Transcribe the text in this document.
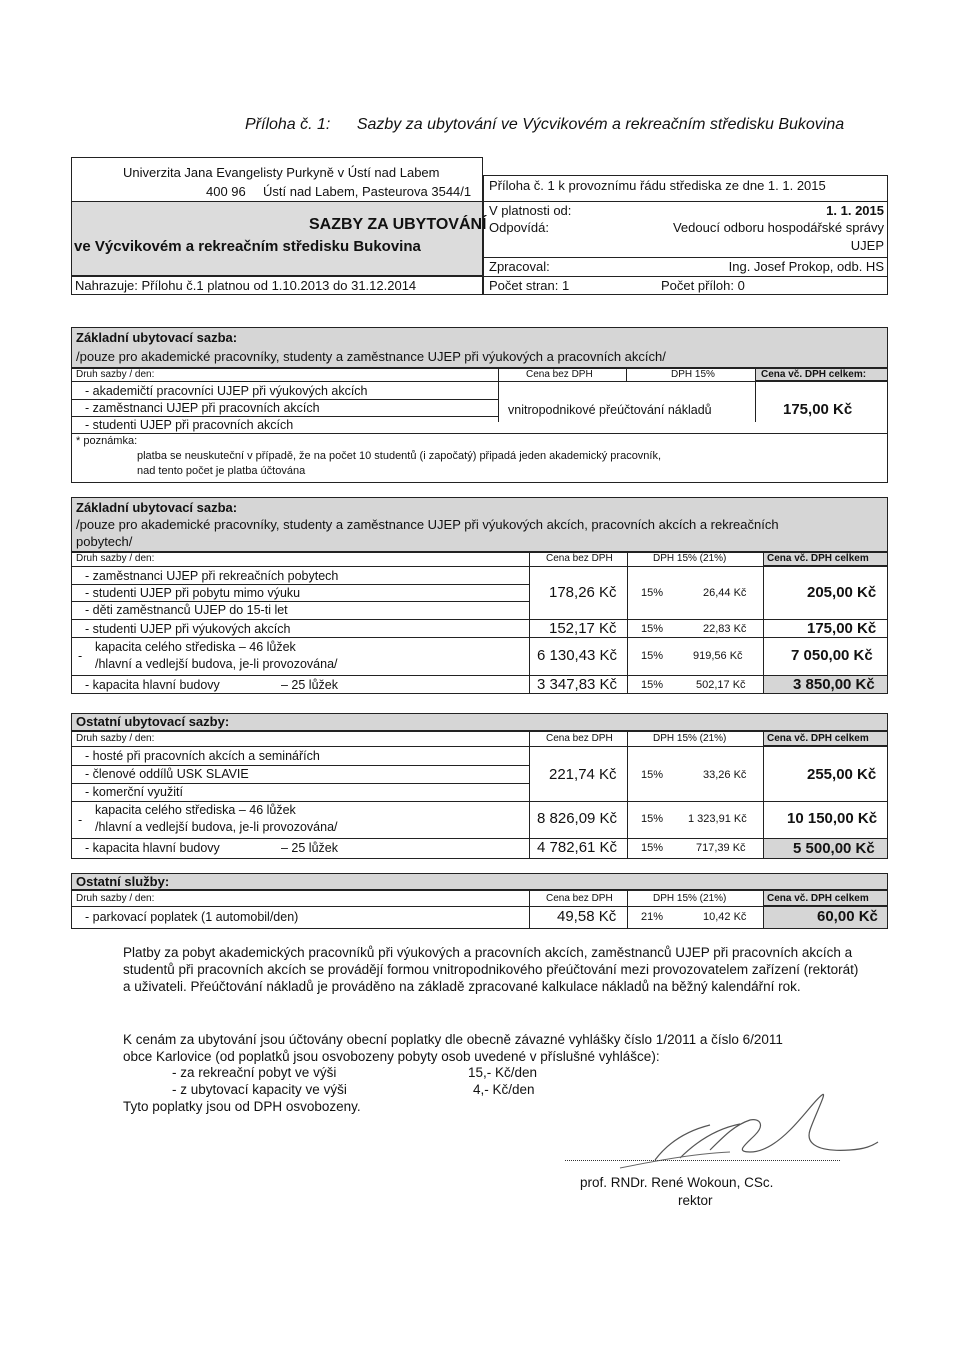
Příloha č. 1: Sazby za ubytování ve Výcvikovém a rekreačním středisku Bukovina
Univerzita Jana Evangelisty Purkyně v Ústí nad Labem
400 96 Ústí nad Labem, Pasteurova 3544/1
SAZBY ZA UBYTOVÁNÍ
ve Výcvikovém a rekreačním středisku Bukovina
Nahrazuje: Přílohu č.1 platnou od 1.10.2013 do 31.12.2014
Příloha č. 1 k provoznímu řádu střediska ze dne 1. 1. 2015
V platnosti od:	1. 1. 2015
Odpovídá:	Vedoucí odboru hospodářské správy
UJEP
Zpracoval:	Ing. Josef Prokop, odb. HS
Počet stran: 1	Počet příloh: 0
Základní ubytovací sazba:
/pouze pro akademické pracovníky, studenty a zaměstnance UJEP při výukových a pracovních akcích/
Druh sazby / den:	Cena bez DPH	DPH 15%	Cena vč. DPH celkem:
- akademičtí pracovníci UJEP při výukových akcích
- zaměstnanci UJEP při pracovních akcích
- studenti UJEP při pracovních akcích
vnitropodnikové přeúčtování nákladů	175,00 Kč
* poznámka:
platba se neuskuteční v případě, že na počet 10 studentů (i započatý) připadá jeden akademický pracovník,
nad tento počet je platba účtována
Základní ubytovací sazba:
/pouze pro akademické pracovníky, studenty a zaměstnance UJEP při výukových akcích, pracovních akcích a rekreačních
pobytech/
Druh sazby / den:	Cena bez DPH	DPH 15% (21%)	Cena vč. DPH celkem
- zaměstnanci UJEP při rekreačních pobytech
- studenti UJEP při pobytu mimo výuku
- děti zaměstnanců UJEP do 15-ti let
178,26 Kč 15%	26,44 Kč	205,00 Kč
- studenti UJEP při výukových akcích	152,17 Kč 15%	22,83 Kč	175,00 Kč
-
kapacita celého střediska – 46 lůžek
/hlavní a vedlejší budova, je-li provozována/	6 130,43 Kč 15%	919,56 Kč	7 050,00 Kč
- kapacita hlavní budovy	– 25 lůžek	3 347,83 Kč 15%	502,17 Kč	3 850,00 Kč
Ostatní ubytovací sazby:
Druh sazby / den:	Cena bez DPH	DPH 15% (21%)	Cena vč. DPH celkem
- hosté při pracovních akcích a seminářích
- členové oddílů USK SLAVIE
- komerční využití
221,74 Kč 15%	33,26 Kč	255,00 Kč
-
kapacita celého střediska – 46 lůžek
/hlavní a vedlejší budova, je-li provozována/	8 826,09 Kč 15% 1 323,91 Kč	10 150,00 Kč
- kapacita hlavní budovy	– 25 lůžek	4 782,61 Kč 15%	717,39 Kč	5 500,00 Kč
Ostatní služby:
Druh sazby / den:	Cena bez DPH	DPH 15% (21%)	Cena vč. DPH celkem
- parkovací poplatek (1 automobil/den)	49,58 Kč 21%	10,42 Kč	60,00 Kč

Platby za pobyt akademických pracovníků při výukových a pracovních akcích, zaměstnanců UJEP při pracovních akcích a studentů při pracovních akcích se provádějí formou vnitropodnikového přeúčtování mezi provozovatelem zařízení (rektorát) a uživateli. Přeúčtování nákladů je prováděno na základě zpracované kalkulace nákladů na běžný kalendářní rok.

K cenám za ubytování jsou účtovány obecní poplatky dle obecně závazné vyhlášky číslo 1/2011 a číslo 6/2011

obce Karlovice (od poplatků jsou osvobozeny pobyty osob uvedené v příslušné vyhlášce):

- za rekreační pobyt ve výši	15,- Kč/den
- z ubytovací kapacity ve výši	4,- Kč/den
Tyto poplatky jsou od DPH osvobozeny.
prof. RNDr. René Wokoun, CSc.
rektor
